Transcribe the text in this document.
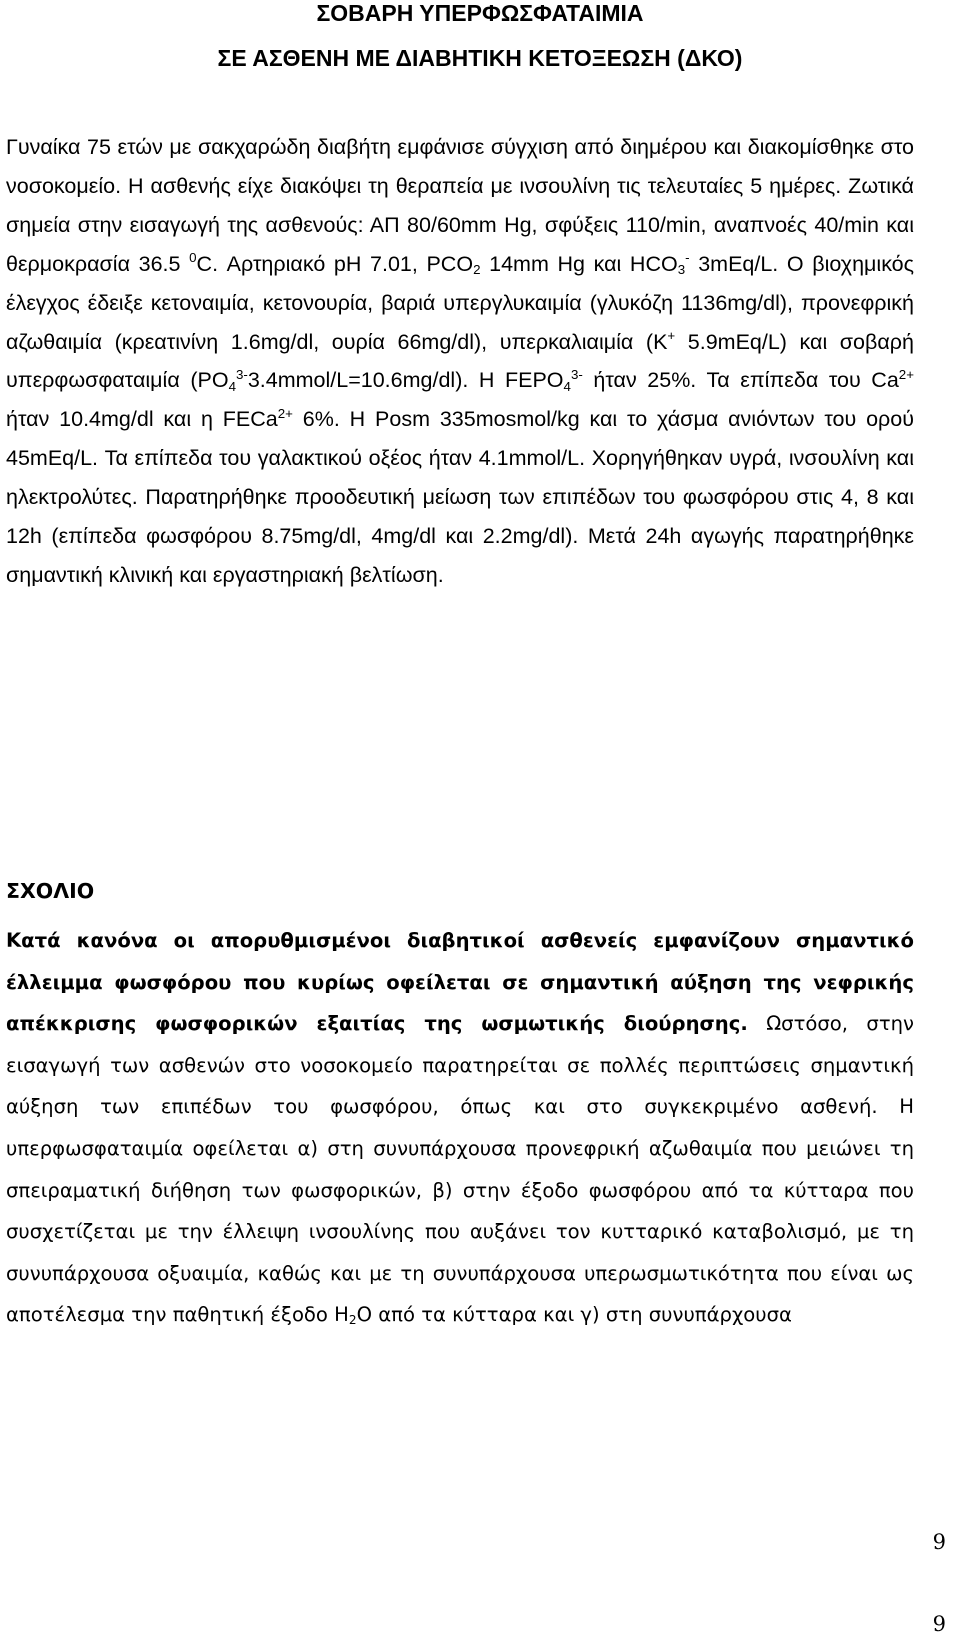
ΣΟΒΑΡΗ ΥΠΕΡΦΩΣΦΑΤΑΙΜΙΑ
ΣΕ ΑΣΘΕΝΗ ΜΕ ΔΙΑΒΗΤΙΚΗ ΚΕΤΟΞΕΩΣΗ (ΔΚΟ)

Γυναίκα 75 ετών με σακχαρώδη διαβήτη εμφάνισε σύγχιση από διημέρου και διακομίσθηκε στο νοσοκομείο. Η ασθενής είχε διακόψει τη θεραπεία με ινσουλίνη τις τελευταίες 5 ημέρες. Ζωτικά σημεία στην εισαγωγή της ασθενούς: ΑΠ 80/60mm Hg, σφύξεις 110/min, αναπνοές 40/min και θερμοκρασία 36.5 $^0$C. Αρτηριακό pH 7.01, $PCO_2$ 14mm Hg και $HCO_3^-$ 3mEq/L. Ο βιοχημικός έλεγχος έδειξε κετοναιμία, κετονουρία, βαριά υπεργλυκαιμία (γλυκόζη 1136mg/dl), προνεφρική αζωθαιμία (κρεατινίνη 1.6mg/dl, ουρία 66mg/dl), υπερκαλιαιμία (Κ+ 5.9mEq/L) και σοβαρή υπερφωσφαταιμία $(PO_4^{3-}3.4mmol/L=10.6mg/dl)$. Η $FEPO_4^{3-}$ ήταν 25%. Τα επίπεδα του $Ca^{2+}$ ήταν 10.4mg/dl και η FECa$^{2+}$ 6%. Η Posm 335mosmol/kg και το χάσμα ανιόντων του ορού 45mEq/L. Τα επίπεδα του γαλακτικού οξέος ήταν 4.1mmol/L. Χορηγήθηκαν υγρά, ινσουλίνη και ηλεκτρολύτες. Παρατηρήθηκε προοδευτική μείωση των επιπέδων του φωσφόρου στις 4, 8 και 12h (επίπεδα φωσφόρου 8.75mg/dl, 4mg/dl και 2.2mg/dl). Μετά 24h αγωγής παρατηρήθηκε σημαντική κλινική και εργαστηριακή βελτίωση.

ΣΧΟΛΙΟ

Κατά κανόνα οι απορυθμισμένοι διαβητικοί ασθενείς εμφανίζουν σημαντικό έλλειμμα φωσφόρου που κυρίως οφείλεται σε σημαντική αύξηση της νεφρικής απέκκρισης φωσφορικών εξαιτίας της ωσμωτικής διούρησης. Ωστόσο, στην εισαγωγή των ασθενών στο νοσοκομείο παρατηρείται σε πολλές περιπτώσεις σημαντική αύξηση των επιπέδων του φωσφόρου, όπως και στο συγκεκριμένο ασθενή. Η υπερφωσφαταιμία οφείλεται α) στη συνυπάρχουσα προνεφρική αζωθαιμία που μειώνει τη σπειραματική διήθηση των φωσφορικών, β) στην έξοδο φωσφόρου από τα κύτταρα που συσχετίζεται με την έλλειψη ινσουλίνης που αυξάνει τον κυτταρικό καταβολισμό, με τη συνυπάρχουσα οξυαιμία, καθώς και με τη συνυπάρχουσα υπερωσμωτικότητα που είναι ως αποτέλεσμα την παθητική έξοδο $H_2O$ από τα κύτταρα και γ) στη συνυπάρχουσα

9

9
